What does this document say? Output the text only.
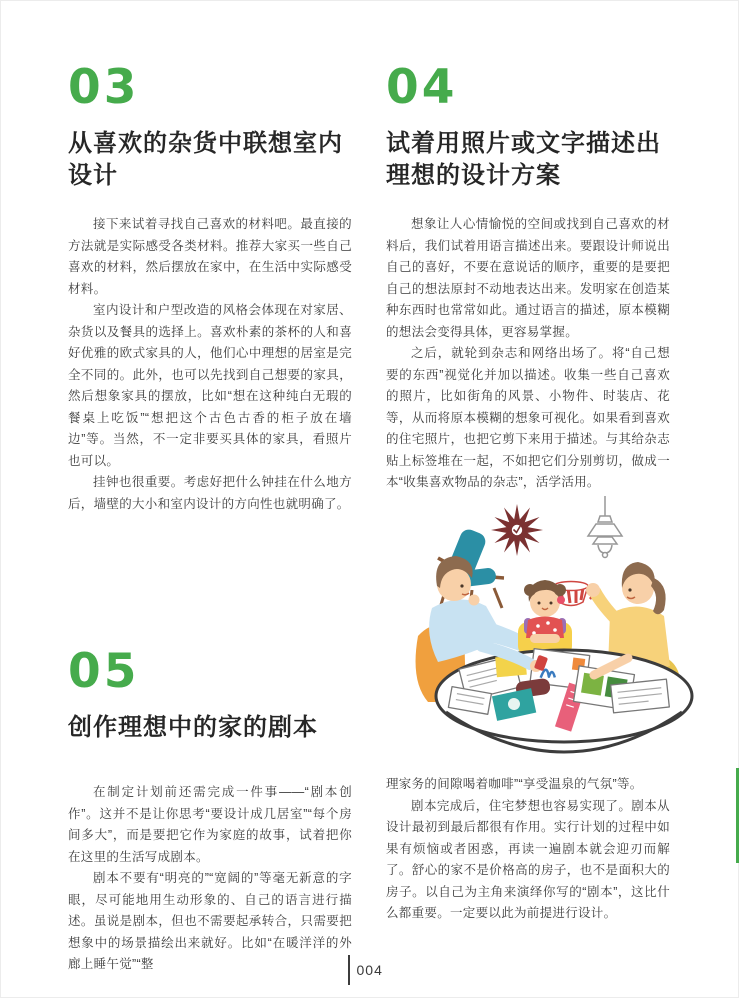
03
从喜欢的杂货中联想室内设计

接下来试着寻找自己喜欢的材料吧。最直接的方法就是实际感受各类材料。推荐大家买一些自己喜欢的材料，然后摆放在家中，在生活中实际感受材料。

室内设计和户型改造的风格会体现在对家居、杂货以及餐具的选择上。喜欢朴素的茶杯的人和喜好优雅的欧式家具的人，他们心中理想的居室是完全不同的。此外，也可以先找到自己想要的家具，然后想象家具的摆放，比如“想在这种纯白无瑕的餐桌上吃饭”“想把这个古色古香的柜子放在墙边”等。当然，不一定非要买具体的家具，看照片也可以。

挂钟也很重要。考虑好把什么钟挂在什么地方后，墙壁的大小和室内设计的方向性也就明确了。

04
试着用照片或文字描述出理想的设计方案

想象让人心情愉悦的空间或找到自己喜欢的材料后，我们试着用语言描述出来。要跟设计师说出自己的喜好，不要在意说话的顺序，重要的是要把自己的想法原封不动地表达出来。发明家在创造某种东西时也常常如此。通过语言的描述，原本模糊的想法会变得具体，更容易掌握。

之后，就轮到杂志和网络出场了。将“自己想要的东西”视觉化并加以描述。收集一些自己喜欢的照片，比如街角的风景、小物件、时装店、花等，从而将原本模糊的想象可视化。如果看到喜欢的住宅照片，也把它剪下来用于描述。与其给杂志贴上标签堆在一起，不如把它们分别剪切，做成一本“收集喜欢物品的杂志”，活学活用。

05
创作理想中的家的剧本

在制定计划前还需完成一件事——“剧本创作”。这并不是让你思考“要设计成几居室”“每个房间多大”，而是要把它作为家庭的故事，试着把你在这里的生活写成剧本。

剧本不要有“明亮的”“宽阔的”等毫无新意的字眼，尽可能地用生动形象的、自己的语言进行描述。虽说是剧本，但也不需要起承转合，只需要把想象中的场景描绘出来就好。比如“在暖洋洋的外廊上睡午觉”“整

理家务的间隙喝着咖啡”“享受温泉的气氛”等。

剧本完成后，住宅梦想也容易实现了。剧本从设计最初到最后都很有作用。实行计划的过程中如果有烦恼或者困惑，再读一遍剧本就会迎刃而解了。舒心的家不是价格高的房子，也不是面积大的房子。以自己为主角来演绎你写的“剧本”，这比什么都重要。一定要以此为前提进行设计。

004
